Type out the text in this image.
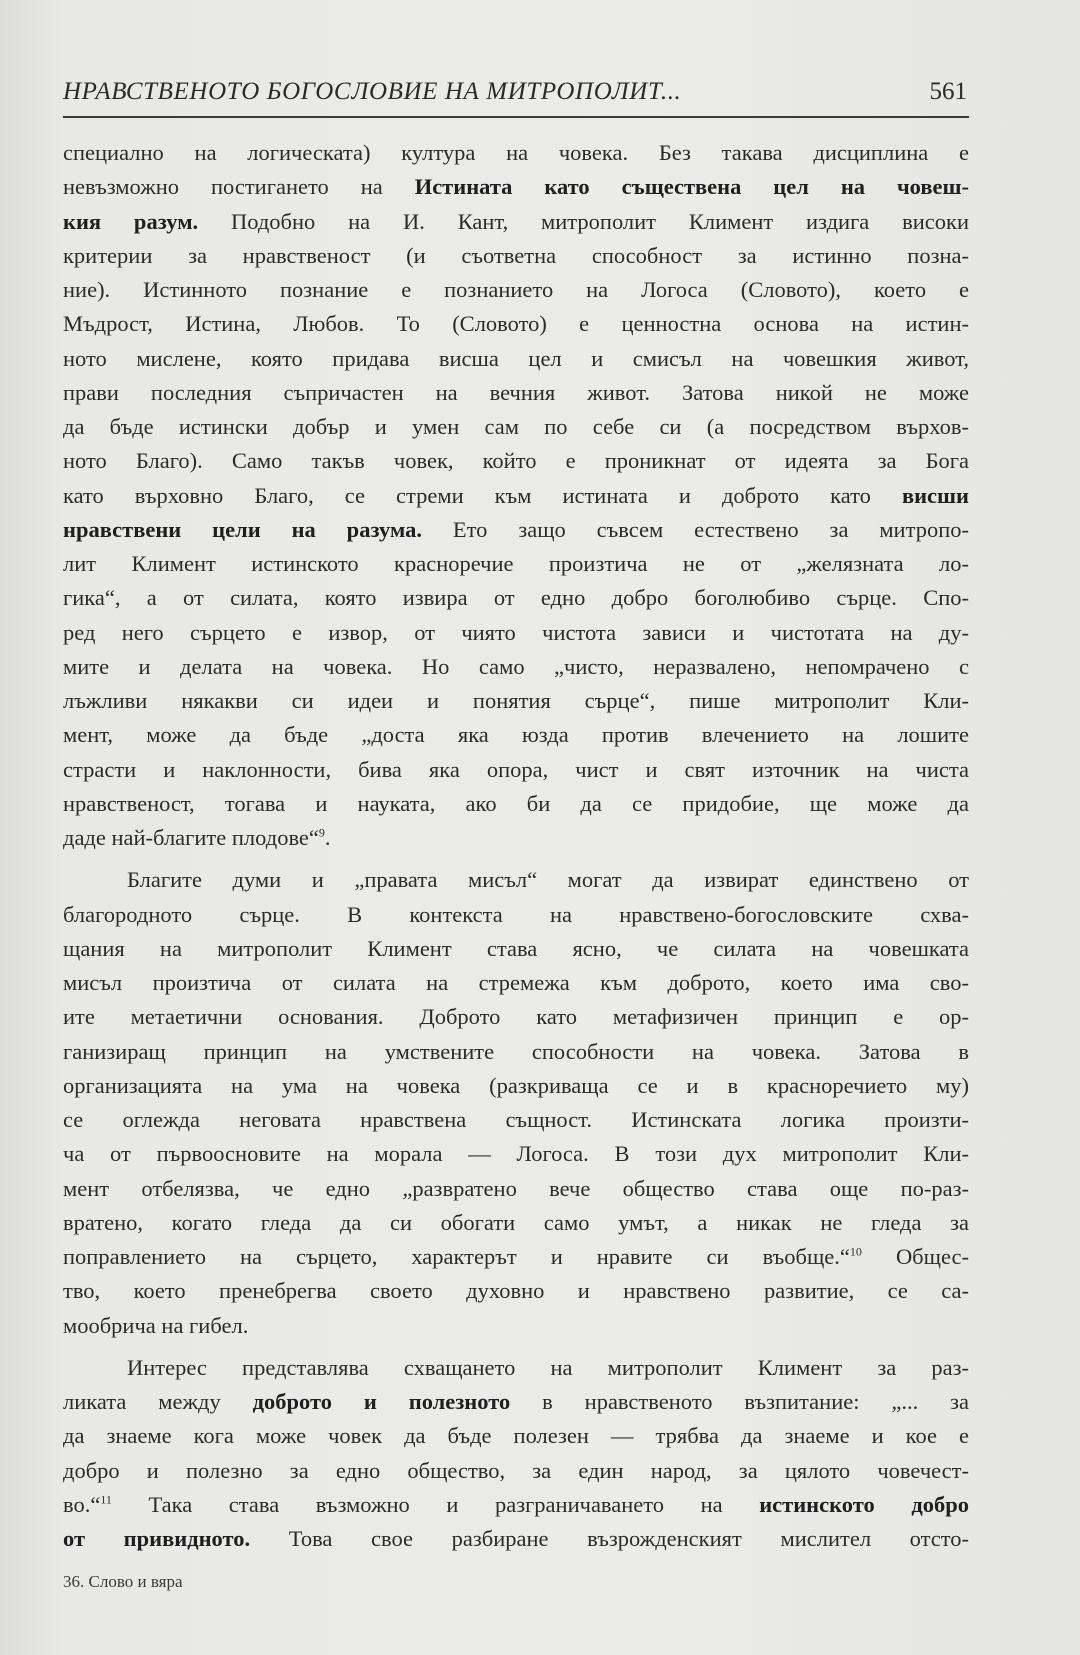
НРАВСТВЕНОТО БОГОСЛОВИЕ НА МИТРОПОЛИТ...	561
специално на логическата) култура на човека. Без такава дисциплина е
невъзможно постигането на Истината като съществена цел на човеш-
кия разум. Подобно на И. Кант, митрополит Климент издига високи
критерии за нравственост (и съответна способност за истинно позна-
ние). Истинното познание е познанието на Логоса (Словото), което е
Мъдрост, Истина, Любов. То (Словото) е ценностна основа на истин-
ното мислене, която придава висша цел и смисъл на човешкия живот,
прави последния съпричастен на вечния живот. Затова никой не може
да бъде истински добър и умен сам по себе си (а посредством върхов-
ното Благо). Само такъв човек, който е проникнат от идеята за Бога
като върховно Благо, се стреми към истината и доброто като висши
нравствени цели на разума. Ето защо съвсем естествено за митропо-
лит Климент истинското красноречие произтича не от „желязната ло-
гика“, а от силата, която извира от едно добро боголюбиво сърце. Спо-
ред него сърцето е извор, от чиято чистота зависи и чистотата на ду-
мите и делата на човека. Но само „чисто, неразвалено, непомрачено с
лъжливи някакви си идеи и понятия сърце“, пише митрополит Кли-
мент, може да бъде „доста яка юзда против влечението на лошите
страсти и наклонности, бива яка опора, чист и свят източник на чиста
нравственост, тогава и науката, ако би да се придобие, ще може да
даде най-благите плодове“$^9$.
Благите думи и „правата мисъл“ могат да извират единствено от
благородното сърце. В контекста на нравствено-богословските схва-
щания на митрополит Климент става ясно, че силата на човешката
мисъл произтича от силата на стремежа към доброто, което има сво-
ите метаетични основания. Доброто като метафизичен принцип е ор-
ганизиращ принцип на умствените способности на човека. Затова в
организацията на ума на човека (разкриваща се и в красноречието му)
се оглежда неговата нравствена същност. Истинската логика произти-
ча от първоосновите на морала — Логоса. В този дух митрополит Кли-
мент отбелязва, че едно „развратено вече общество става още по-раз-
вратено, когато гледа да си обогати само умът, а никак не гледа за
поправлението на сърцето, характерът и нравите си въобще.“$^{10}$ Общес-
тво, което пренебрегва своето духовно и нравствено развитие, се са-
мообрича на гибел.
Интерес представлява схващането на митрополит Климент за раз-
ликата между доброто и полезното в нравственото възпитание: „... за
да знаеме кога може човек да бъде полезен — трябва да знаеме и кое е
добро и полезно за едно общество, за един народ, за цялото човечест-
во.“$^{11}$ Така става възможно и разграничаването на истинското добро
от привидното. Това свое разбиране възрожденският мислител отсто-
36. Слово и вяра
